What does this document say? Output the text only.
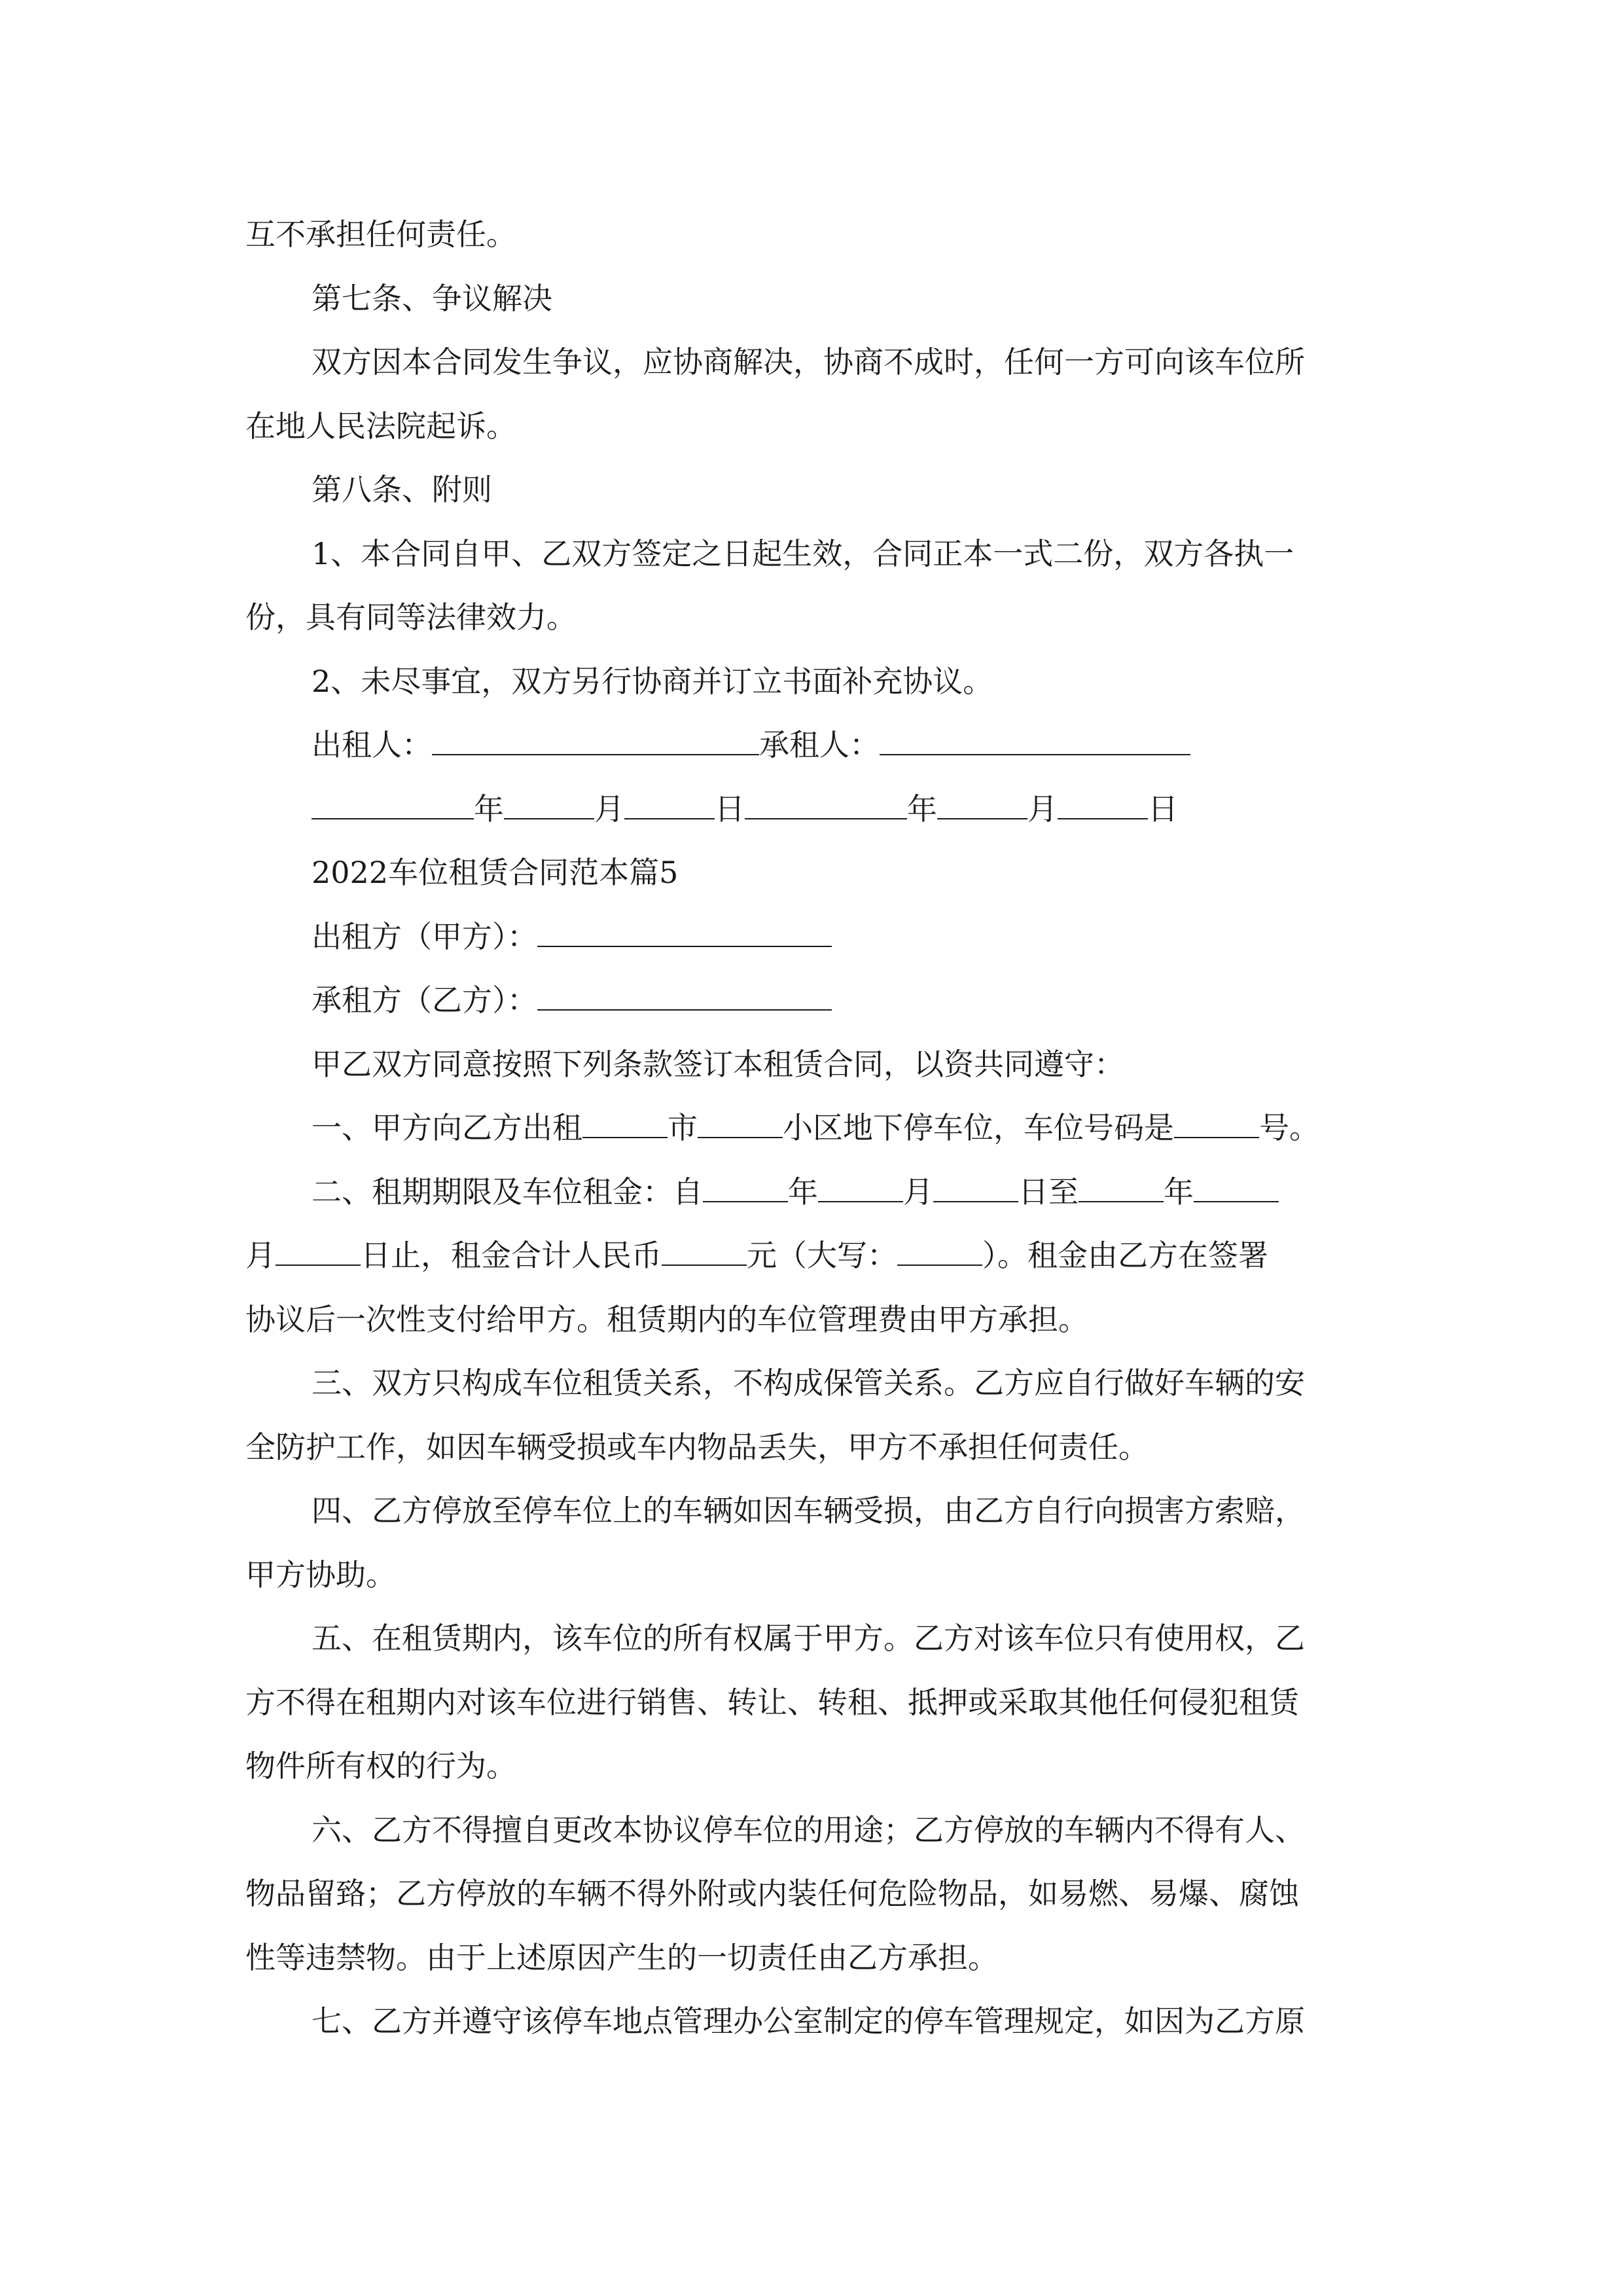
互不承担任何责任。

第七条、争议解决

双方因本合同发生争议，应协商解决，协商不成时，任何一方可向该车位所

在地人民法院起诉。

第八条、附则

1、本合同自甲、乙双方签定之日起生效，合同正本一式二份，双方各执一

份，具有同等法律效力。

2、未尽事宜，双方另行协商并订立书面补充协议。

出租人：	承租人：

年	月	日	年	月	日

2022车位租赁合同范本篇5

出租方（甲方）：

承租方（乙方）：

甲乙双方同意按照下列条款签订本租赁合同，以资共同遵守：

一、甲方向乙方出租	市	小区地下停车位，车位号码是	号。

二、租期期限及车位租金：自	年	月	日至	年

月	日止，租金合计人民币	元（大写：	）。租金由乙方在签署

协议后一次性支付给甲方。租赁期内的车位管理费由甲方承担。

三、双方只构成车位租赁关系，不构成保管关系。乙方应自行做好车辆的安

全防护工作，如因车辆受损或车内物品丢失，甲方不承担任何责任。

四、乙方停放至停车位上的车辆如因车辆受损，由乙方自行向损害方索赔，

甲方协助。

五、在租赁期内，该车位的所有权属于甲方。乙方对该车位只有使用权，乙

方不得在租期内对该车位进行销售、转让、转租、抵押或采取其他任何侵犯租赁

物件所有权的行为。

六、乙方不得擅自更改本协议停车位的用途；乙方停放的车辆内不得有人、

物品留臵；乙方停放的车辆不得外附或内装任何危险物品，如易燃、易爆、腐蚀

性等违禁物。由于上述原因产生的一切责任由乙方承担。

七、乙方并遵守该停车地点管理办公室制定的停车管理规定，如因为乙方原
